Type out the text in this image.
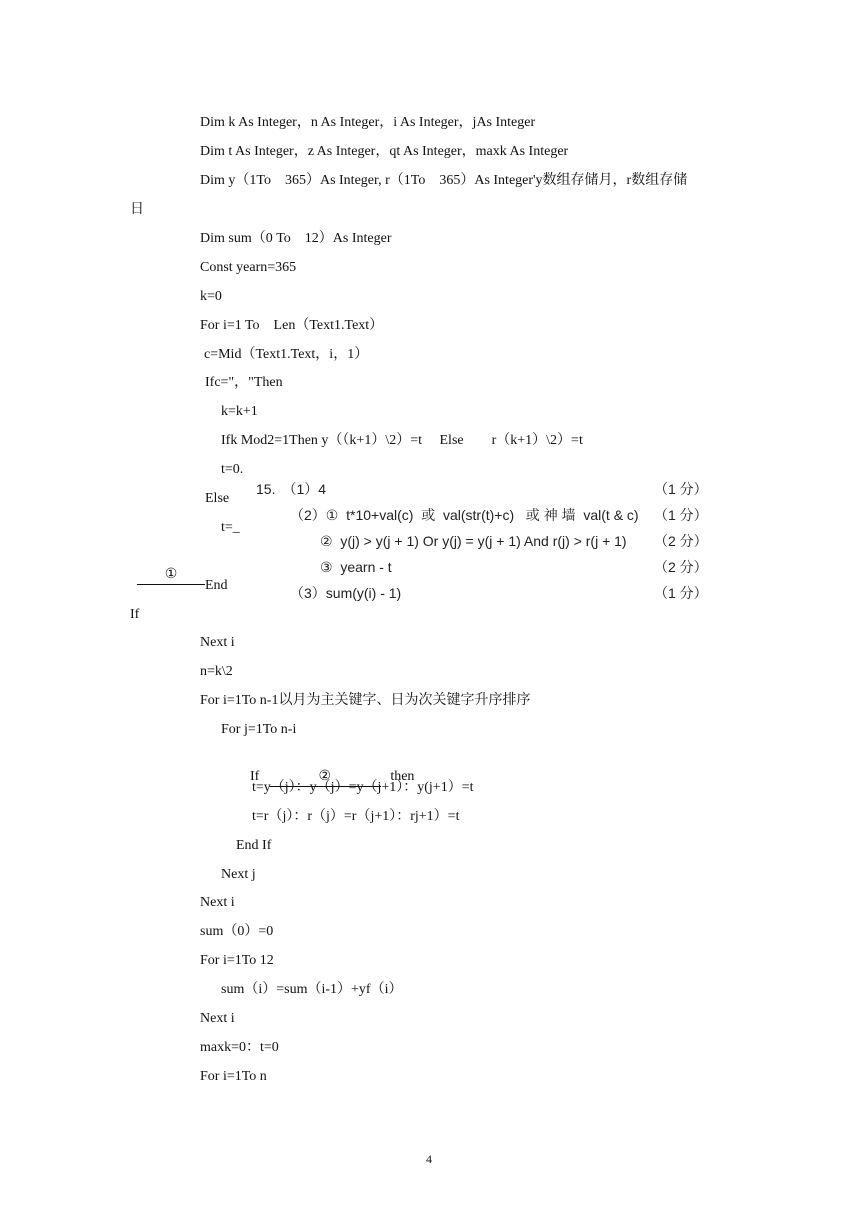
Dim k As Integer，n As Integer，i As Integer，jAs Integer
Dim t As Integer，z As Integer，qt As Integer，maxk As Integer
Dim y（1To　365）As Integer, r（1To　365）As Integer'y数组存储月，r数组存储
日
Dim sum（0 To　12）As Integer
Const yearn=365
k=0
For i=1 To　Len（Text1.Text）
c=Mid（Text1.Text，i，1）
Ifc="，"Then
k=k+1
Ifk Mod2=1Then y（（k+1）\2）=t　 Else　　r（k+1）\2）=t
t=0.
Else
t=_

①

End
If
Next i
n=k\2
For i=1To n-1以月为主关键字、日为次关键字升序排序
For j=1To n-i

If	②	then

t=y（j）：y（j）=y（j+1）：y(j+1）=t
t=r（j）：r（j）=r（j+1）：rj+1）=t
End If
Next j
Next i
sum（0）=0
For i=1To 12
sum（i）=sum（i-1）+yf（i）
Next i
maxk=0：t=0
For i=1To n
15.　（1）4	（1 分）
（2）①  t*10+val(c)  或  val(str(t)+c)   或 神 墙  val(t & c) （1 分）
②  y(j) > y(j + 1) Or y(j) = y(j + 1) And r(j) > r(j + 1) （2 分）
③  yearn - t	（2 分）
（3）sum(y(i) - 1)	（1 分）
4
